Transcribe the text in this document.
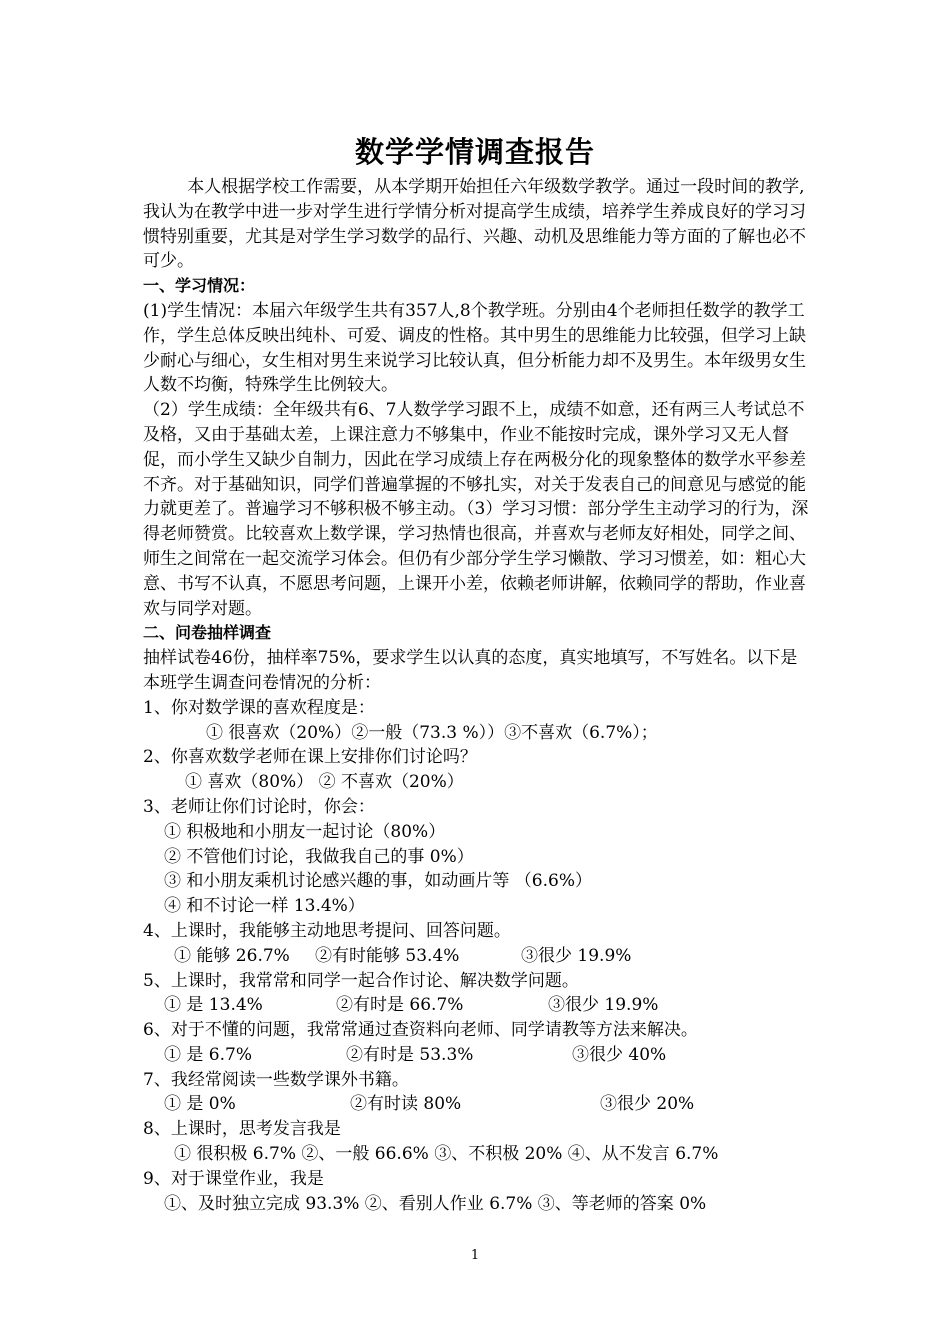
数学学情调查报告

本人根据学校工作需要，从本学期开始担任六年级数学教学。通过一段时间的教学,我认为在教学中进一步对学生进行学情分析对提高学生成绩，培养学生养成良好的学习习惯特别重要，尤其是对学生学习数学的品行、兴趣、动机及思维能力等方面的了解也必不可少。

一、学习情况：

(1)学生情况：本届六年级学生共有357人,8个教学班。分别由4个老师担任数学的教学工作，学生总体反映出纯朴、可爱、调皮的性格。其中男生的思维能力比较强，但学习上缺少耐心与细心，女生相对男生来说学习比较认真，但分析能力却不及男生。本年级男女生人数不均衡，特殊学生比例较大。

（2）学生成绩：全年级共有6、7人数学学习跟不上，成绩不如意，还有两三人考试总不及格，又由于基础太差，上课注意力不够集中，作业不能按时完成，课外学习又无人督促，而小学生又缺少自制力，因此在学习成绩上存在两极分化的现象整体的数学水平参差不齐。对于基础知识，同学们普遍掌握的不够扎实，对关于发表自己的间意见与感觉的能力就更差了。普遍学习不够积极不够主动。（3）学习习惯：部分学生主动学习的行为，深得老师赞赏。比较喜欢上数学课，学习热情也很高，并喜欢与老师友好相处，同学之间、师生之间常在一起交流学习体会。但仍有少部分学生学习懒散、学习习惯差，如：粗心大意、书写不认真，不愿思考问题，上课开小差，依赖老师讲解，依赖同学的帮助，作业喜欢与同学对题。

二、问卷抽样调查

抽样试卷46份，抽样率75%，要求学生以认真的态度，真实地填写，不写姓名。以下是本班学生调查问卷情况的分析：

1、你对数学课的喜欢程度是：

① 很喜欢（20%）②一般（73.3 %））③不喜欢（6.7%）；

2、你喜欢数学老师在课上安排你们讨论吗？

① 喜欢（80%） ② 不喜欢（20%）

3、老师让你们讨论时，你会：

① 积极地和小朋友一起讨论（80%）

② 不管他们讨论，我做我自己的事 0%）

③ 和小朋友乘机讨论感兴趣的事，如动画片等 （6.6%）

④ 和不讨论一样 13.4%）

4、上课时，我能够主动地思考提问、回答问题。

① 能够 26.7%	②有时能够 53.4%	③很少 19.9%

5、上课时，我常常和同学一起合作讨论、解决数学问题。

① 是 13.4%	②有时是 66.7%	③很少 19.9%

6、对于不懂的问题，我常常通过查资料向老师、同学请教等方法来解决。

① 是 6.7%	②有时是 53.3%	③很少 40%

7、我经常阅读一些数学课外书籍。

① 是 0%	②有时读 80%	③很少 20%

8、上课时，思考发言我是

① 很积极 6.7% ②、一般 66.6% ③、不积极 20% ④、从不发言 6.7%

9、对于课堂作业，我是

①、及时独立完成 93.3% ②、看别人作业 6.7% ③、等老师的答案 0%

1
